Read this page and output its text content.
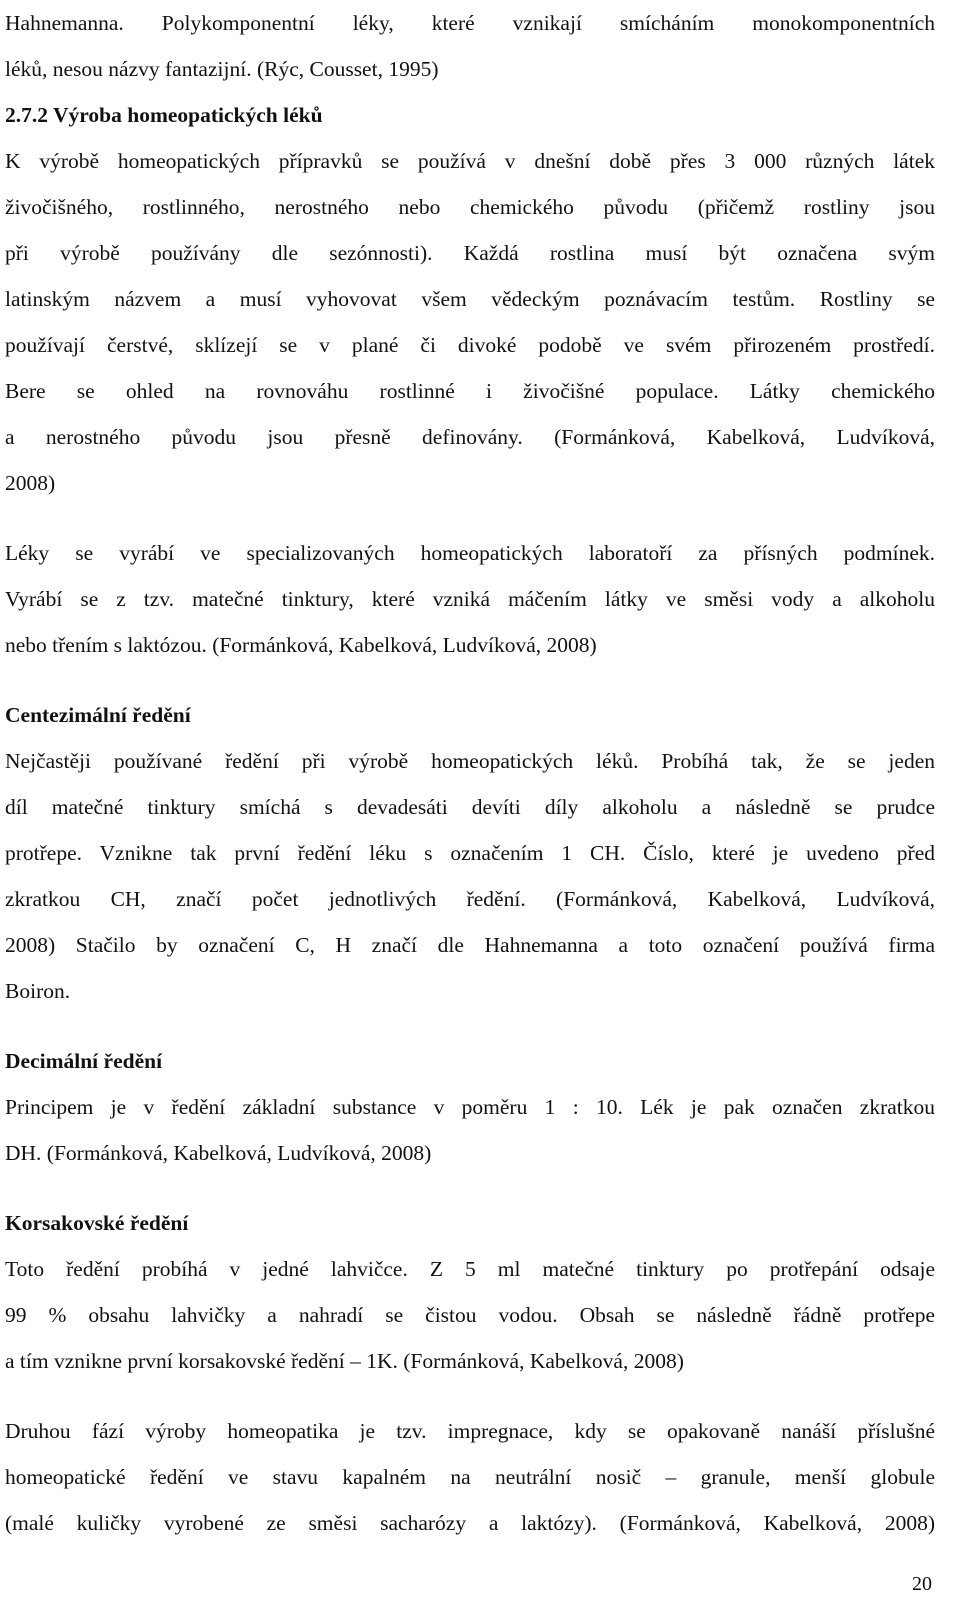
Hahnemanna. Polykomponentní léky, které vznikají smícháním monokomponentních
léků, nesou názvy fantazijní. (Rýc, Cousset, 1995)
2.7.2 Výroba homeopatických léků
K výrobě homeopatických přípravků se používá v dnešní době přes 3 000 různých látek
živočišného, rostlinného, nerostného nebo chemického původu (přičemž rostliny jsou
při výrobě používány dle sezónnosti). Každá rostlina musí být označena svým
latinským názvem a musí vyhovovat všem vědeckým poznávacím testům. Rostliny se
používají čerstvé, sklízejí se v plané či divoké podobě ve svém přirozeném prostředí.
Bere se ohled na rovnováhu rostlinné i živočišné populace. Látky chemického
a nerostného původu jsou přesně definovány. (Formánková, Kabelková, Ludvíková,
2008)
Léky se vyrábí ve specializovaných homeopatických laboratoří za přísných podmínek.
Vyrábí se z tzv. matečné tinktury, které vzniká máčením látky ve směsi vody a alkoholu
nebo třením s laktózou. (Formánková, Kabelková, Ludvíková, 2008)
Centezimální ředění
Nejčastěji používané ředění při výrobě homeopatických léků. Probíhá tak, že se jeden
díl matečné tinktury smíchá s devadesáti devíti díly alkoholu a následně se prudce
protřepe. Vznikne tak první ředění léku s označením 1 CH. Číslo, které je uvedeno před
zkratkou CH, značí počet jednotlivých ředění. (Formánková, Kabelková, Ludvíková,
2008) Stačilo by označení C, H značí dle Hahnemanna a toto označení používá firma
Boiron.
Decimální ředění
Principem je v ředění základní substance v poměru 1 : 10. Lék je pak označen zkratkou
DH. (Formánková, Kabelková, Ludvíková, 2008)
Korsakovské ředění
Toto ředění probíhá v jedné lahvičce. Z 5 ml matečné tinktury po protřepání odsaje
99 % obsahu lahvičky a nahradí se čistou vodou. Obsah se následně řádně protřepe
a tím vznikne první korsakovské ředění – 1K. (Formánková, Kabelková, 2008)
Druhou fází výroby homeopatika je tzv. impregnace, kdy se opakovaně nanáší příslušné
homeopatické ředění ve stavu kapalném na neutrální nosič – granule, menší globule
(malé kuličky vyrobené ze směsi sacharózy a laktózy). (Formánková, Kabelková, 2008)
20
